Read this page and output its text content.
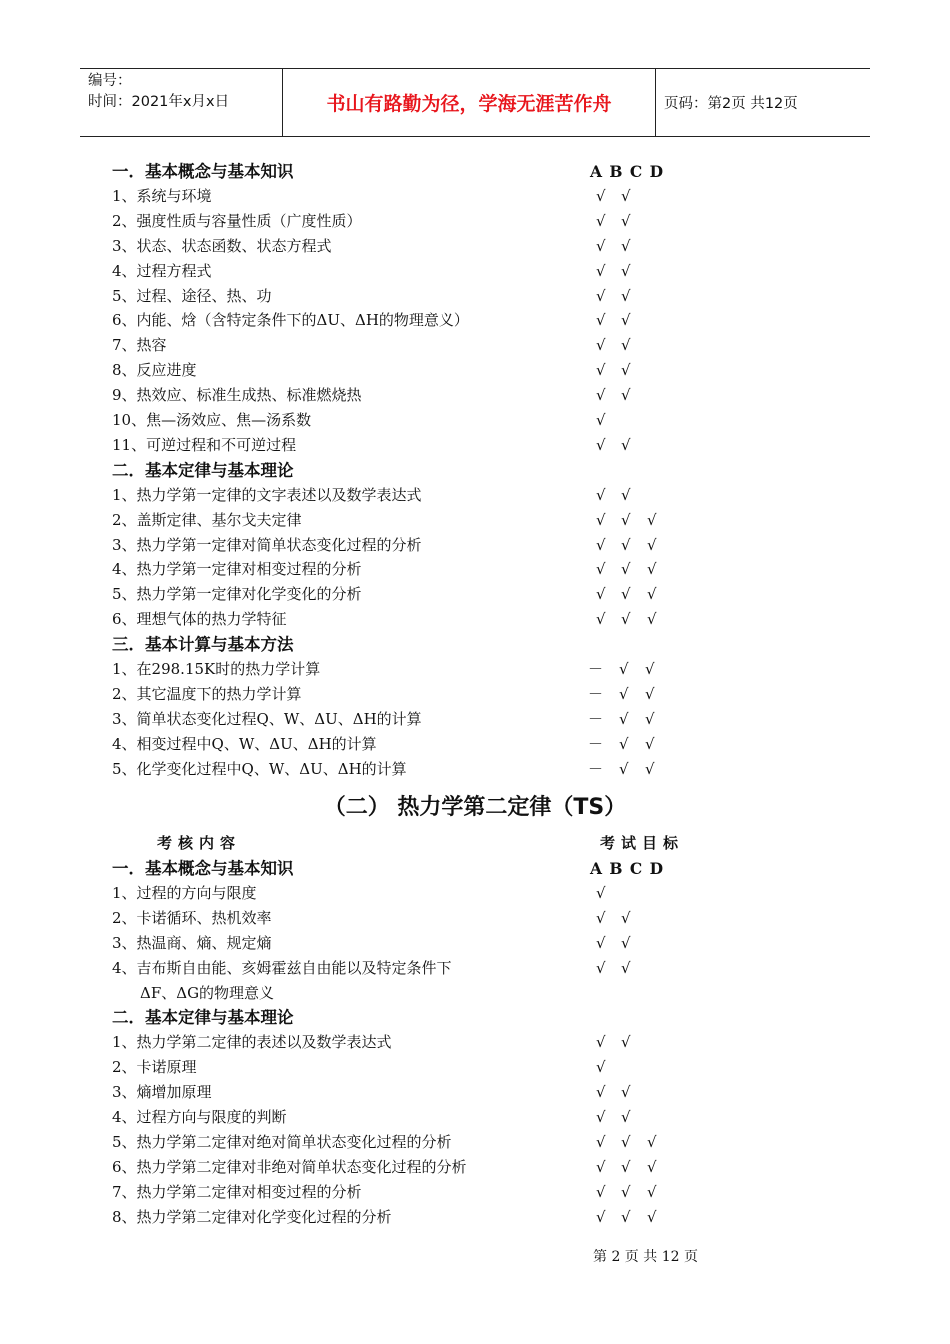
编号：
时间：2021年x月x日	书山有路勤为径，学海无涯苦作舟	页码：第2页 共12页
一．基本概念与基本知识	A B C D
1、系统与环境	√ √
2、强度性质与容量性质（广度性质）	√ √
3、状态、状态函数、状态方程式	√ √
4、过程方程式	√ √
5、过程、途径、热、功	√ √
6、内能、焓（含特定条件下的ΔU、ΔH的物理意义）	√ √
7、热容	√ √
8、反应进度	√ √
9、热效应、标准生成热、标准燃烧热	√ √
10、焦—汤效应、焦—汤系数	√
11、可逆过程和不可逆过程	√ √
二．基本定律与基本理论
1、热力学第一定律的文字表述以及数学表达式	√ √
2、盖斯定律、基尔戈夫定律	√ √ √
3、热力学第一定律对简单状态变化过程的分析	√ √ √
4、热力学第一定律对相变过程的分析	√ √ √
5、热力学第一定律对化学变化的分析	√ √ √
6、理想气体的热力学特征	√ √ √
三．基本计算与基本方法
1、在298.15K时的热力学计算	－ √ √
2、其它温度下的热力学计算	－ √ √
3、简单状态变化过程Q、W、ΔU、ΔH的计算	－ √ √
4、相变过程中Q、W、ΔU、ΔH的计算	－ √ √
5、化学变化过程中Q、W、ΔU、ΔH的计算	－ √ √
（二） 热力学第二定律（TS）
考核内容	考试目标
一．基本概念与基本知识	A B C D
1、过程的方向与限度	√
2、卡诺循环、热机效率	√ √
3、热温商、熵、规定熵	√ √
4、吉布斯自由能、亥姆霍兹自由能以及特定条件下	√ √
ΔF、ΔG的物理意义
二．基本定律与基本理论
1、热力学第二定律的表述以及数学表达式	√ √
2、卡诺原理	√
3、熵增加原理	√ √
4、过程方向与限度的判断	√ √
5、热力学第二定律对绝对简单状态变化过程的分析	√ √ √
6、热力学第二定律对非绝对简单状态变化过程的分析	√ √ √
7、热力学第二定律对相变过程的分析	√ √ √
8、热力学第二定律对化学变化过程的分析	√ √ √
第 2 页 共 12 页
